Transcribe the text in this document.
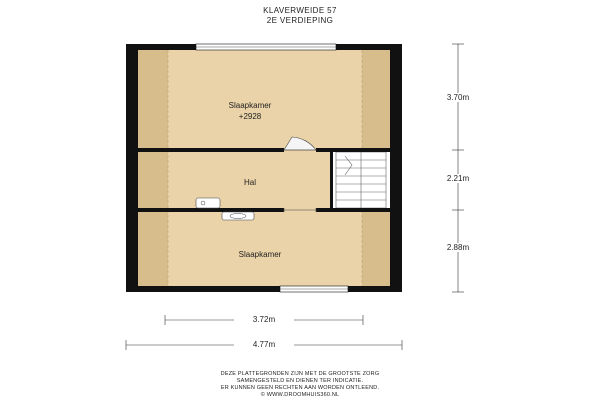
KLAVERWEIDE 57
2E VERDIEPING
Slaapkamer
+2928
Hal
Slaapkamer
3.70m
2.21m
2.88m
3.72m
4.77m
DEZE PLATTEGRONDEN ZIJN MET DE GROOTSTE ZORG
SAMENGESTELD EN DIENEN TER INDICATIE.
ER KUNNEN GEEN RECHTEN AAN WORDEN ONTLEEND.
© WWW.DROOMHUIS360.NL
